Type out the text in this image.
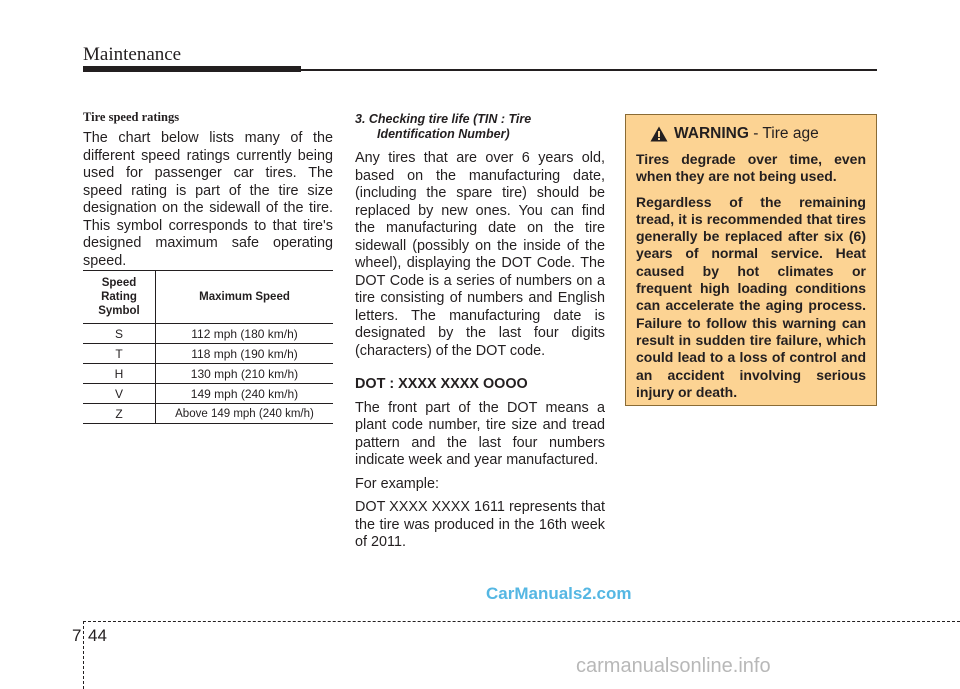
Maintenance
Tire speed ratings

The chart below lists many of the different speed ratings currently being used for passenger car tires. The speed rating is part of the tire size designation on the sidewall of the tire. This symbol corresponds to that tire's designed maximum safe operating speed.

Speed Rating Symbol	Maximum Speed
S	112 mph (180 km/h)
T	118 mph (190 km/h)
H	130 mph (210 km/h)
V	149 mph (240 km/h)
Z	Above 149 mph (240 km/h)
3. Checking tire life (TIN : Tire
Identification Number)

Any tires that are over 6 years old, based on the manufacturing date, (including the spare tire) should be replaced by new ones. You can find the manufacturing date on the tire sidewall (possibly on the inside of the wheel), displaying the DOT Code. The DOT Code is a series of numbers on a tire consisting of numbers and English letters. The manufacturing date is designated by the last four digits (characters) of the DOT code.

DOT : XXXX XXXX OOOO

The front part of the DOT means a plant code number, tire size and tread pattern and the last four numbers indicate week and year manufactured.

For example:

DOT XXXX XXXX 1611 represents that the tire was produced in the 16th week of 2011.

WARNING - Tire age

Tires degrade over time, even when they are not being used.

Regardless of the remaining tread, it is recommended that tires generally be replaced after six (6) years of normal service. Heat caused by hot climates or frequent high loading conditions can accelerate the aging process. Failure to follow this warning can result in sudden tire failure, which could lead to a loss of control and an accident involving serious injury or death.

CarManuals2.com
7 44
carmanualsonline.info
